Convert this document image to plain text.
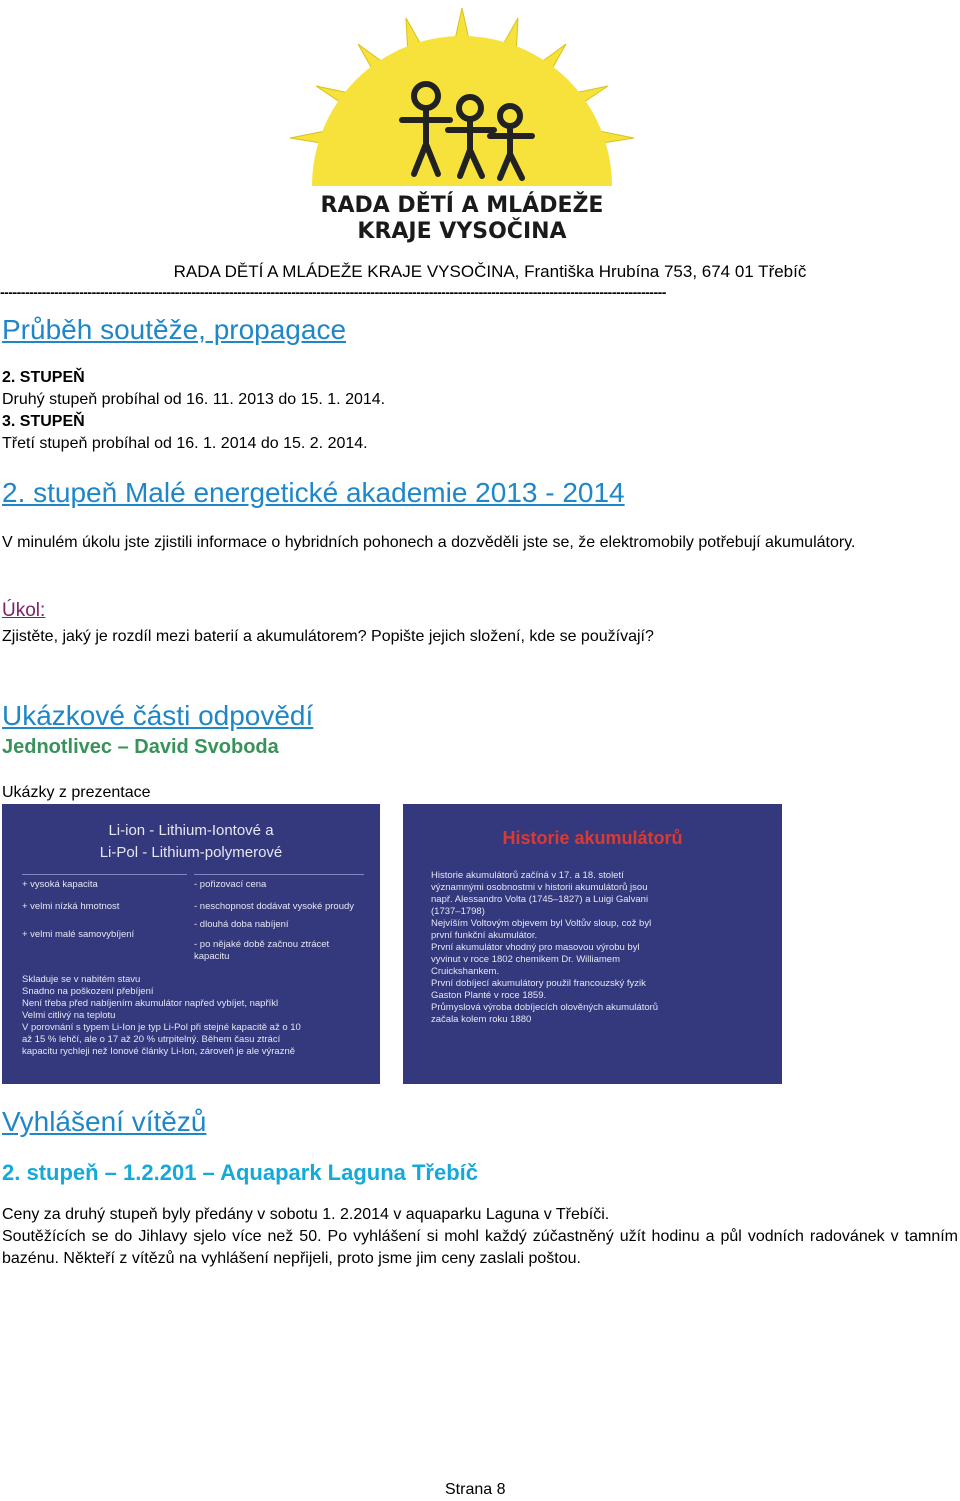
RADA DĚTÍ A MLÁDEŽE
KRAJE VYSOČINA
RADA DĚTÍ A MLÁDEŽE KRAJE VYSOČINA, Františka Hrubína 753, 674 01 Třebíč
----------------------------------------------------------------------------------------------------------------------------------------------------------------
Průběh soutěže, propagace
2. STUPEŇ
Druhý stupeň probíhal od 16. 11. 2013 do 15. 1. 2014.
3. STUPEŇ
Třetí stupeň probíhal od 16. 1. 2014 do 15. 2. 2014.
2. stupeň Malé energetické akademie 2013 - 2014
V minulém úkolu jste zjistili informace o hybridních pohonech a dozvěděli jste se, že elektromobily potřebují akumulátory.
Úkol:
Zjistěte, jaký je rozdíl mezi baterií a akumulátorem? Popište jejich složení, kde se používají?
Ukázkové části odpovědí
Jednotlivec – David Svoboda
Ukázky z prezentace
Li-ion - Lithium-Iontové a
Li-Pol - Lithium-polymerové
+ vysoká kapacita
+ velmi nízká hmotnost
+ velmi malé samovybíjení
- pořizovací cena
- neschopnost dodávat vysoké proudy
- dlouhá doba nabíjení
- po nějaké době začnou ztrácet kapacitu
Skladuje se v nabitém stavu
Snadno na poškození přebíjení
Není třeba před nabíjením akumulátor napřed vybíjet, napříkl
Velmi citlivý na teplotu
V porovnání s typem Li-Ion je typ Li-Pol při stejné kapacitě až o 10
až 15 % lehčí, ale o 17 až 20 % utrpitelný. Během času ztrácí
kapacitu rychleji než Ionové články Li-Ion, zároveň je ale výrazně
Historie akumulátorů
Historie akumulátorů začíná v 17. a 18. století
významnými osobnostmi v historii akumulátorů jsou
např. Alessandro Volta (1745–1827) a Luigi Galvani
(1737–1798)
Nejvíším Voltovým objevem byl Voltův sloup, což byl
první funkční akumulátor.
První akumulátor vhodný pro masovou výrobu byl
vyvinut v roce 1802 chemikem Dr. Williamem
Cruickshankem.
První dobíjecí akumulátory použil francouzský fyzik
Gaston Planté v roce 1859.
Průmyslová výroba dobíjecích olověných akumulátorů
začala kolem roku 1880
Vyhlášení vítězů
2. stupeň – 1.2.201 – Aquapark Laguna Třebíč
Ceny za druhý stupeň byly předány v sobotu 1. 2.2014 v aquaparku Laguna v Třebíči.
Soutěžících se do Jihlavy sjelo více než 50. Po vyhlášení si mohl každý zúčastněný užít hodinu a půl vodních radovánek v tamním bazénu. Někteří z vítězů na vyhlášení nepřijeli, proto jsme jim ceny zaslali poštou.
Strana 8
